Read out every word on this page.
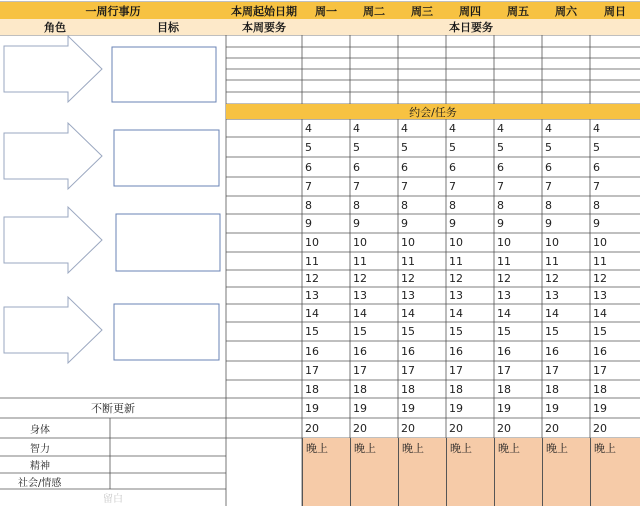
一周行事历	本周起始日期	周一	周二	周三	周四	周五	周六	周日
角色	目标	本周要务	本日要务
约会/任务
4	4	4	4	4	4	4
5	5	5	5	5	5	5
6	6	6	6	6	6	6
7	7	7	7	7	7	7
8	8	8	8	8	8	8
9	9	9	9	9	9	9
10	10	10	10	10	10	10
11	11	11	11	11	11	11
12	12	12	12	12	12	12
13	13	13	13	13	13	13
14	14	14	14	14	14	14
15	15	15	15	15	15	15
16	16	16	16	16	16	16
17	17	17	17	17	17	17
18	18	18	18	18	18	18
19	19	19	19	19	19	19
20	20	20	20	20	20	20
晚上	晚上	晚上	晚上	晚上	晚上	晚上
不断更新
身体
智力
精神
社会/情感
留白
